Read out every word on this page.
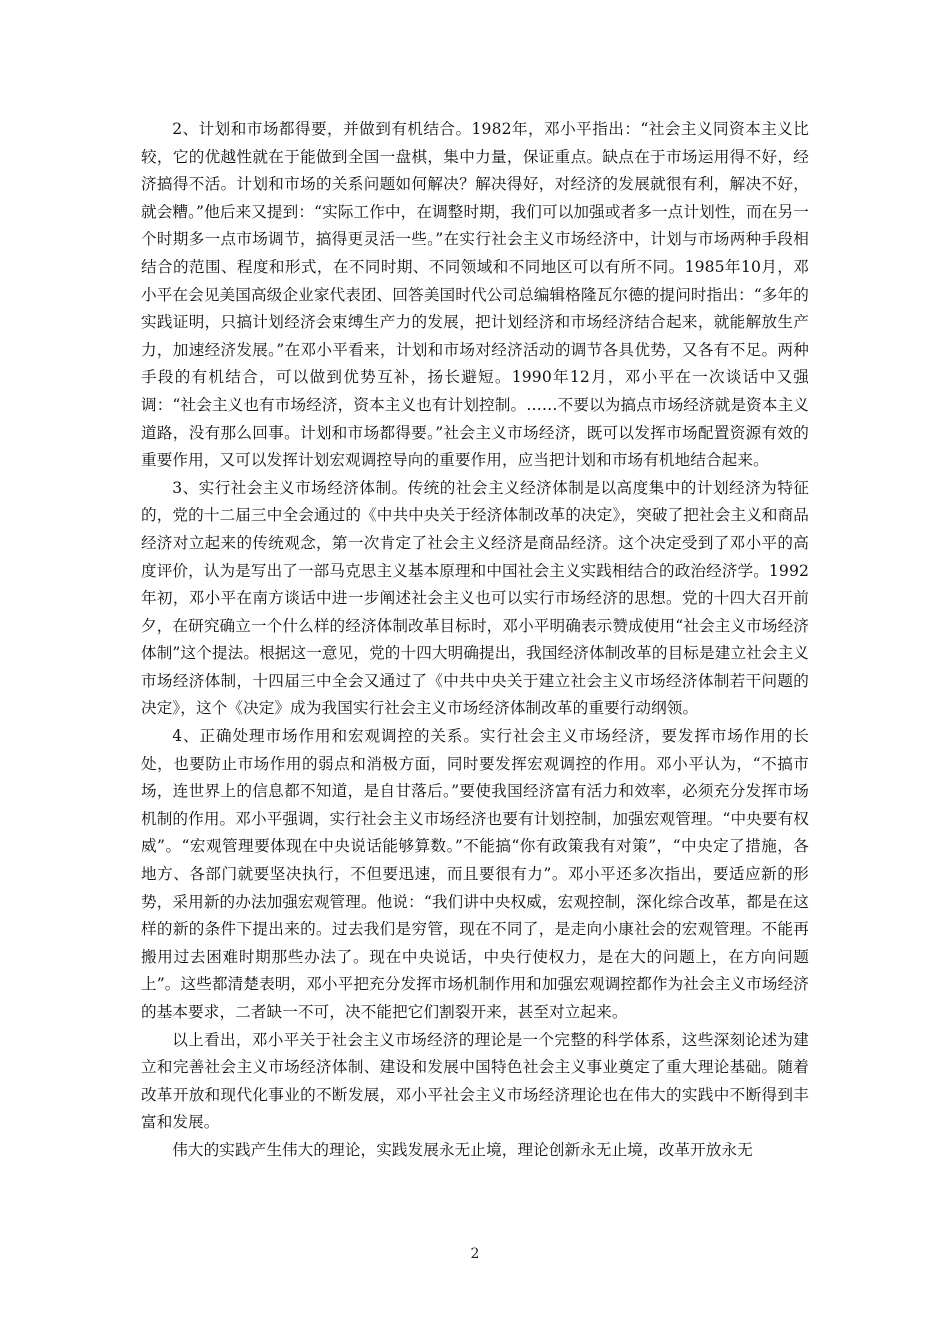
2、计划和市场都得要，并做到有机结合。1982年，邓小平指出：“社会主义同资本主义比较，它的优越性就在于能做到全国一盘棋，集中力量，保证重点。缺点在于市场运用得不好，经济搞得不活。计划和市场的关系问题如何解决？解决得好，对经济的发展就很有利，解决不好，就会糟。”他后来又提到：“实际工作中，在调整时期，我们可以加强或者多一点计划性，而在另一个时期多一点市场调节，搞得更灵活一些。”在实行社会主义市场经济中，计划与市场两种手段相结合的范围、程度和形式，在不同时期、不同领域和不同地区可以有所不同。1985年10月，邓小平在会见美国高级企业家代表团、回答美国时代公司总编辑格隆瓦尔德的提问时指出：“多年的实践证明，只搞计划经济会束缚生产力的发展，把计划经济和市场经济结合起来，就能解放生产力，加速经济发展。”在邓小平看来，计划和市场对经济活动的调节各具优势，又各有不足。两种手段的有机结合，可以做到优势互补，扬长避短。1990年12月，邓小平在一次谈话中又强调：“社会主义也有市场经济，资本主义也有计划控制。……不要以为搞点市场经济就是资本主义道路，没有那么回事。计划和市场都得要。”社会主义市场经济，既可以发挥市场配置资源有效的重要作用，又可以发挥计划宏观调控导向的重要作用，应当把计划和市场有机地结合起来。

3、实行社会主义市场经济体制。传统的社会主义经济体制是以高度集中的计划经济为特征的，党的十二届三中全会通过的《中共中央关于经济体制改革的决定》，突破了把社会主义和商品经济对立起来的传统观念，第一次肯定了社会主义经济是商品经济。这个决定受到了邓小平的高度评价，认为是写出了一部马克思主义基本原理和中国社会主义实践相结合的政治经济学。1992年初，邓小平在南方谈话中进一步阐述社会主义也可以实行市场经济的思想。党的十四大召开前夕，在研究确立一个什么样的经济体制改革目标时，邓小平明确表示赞成使用“社会主义市场经济体制”这个提法。根据这一意见，党的十四大明确提出，我国经济体制改革的目标是建立社会主义市场经济体制，十四届三中全会又通过了《中共中央关于建立社会主义市场经济体制若干问题的决定》，这个《决定》成为我国实行社会主义市场经济体制改革的重要行动纲领。

4、正确处理市场作用和宏观调控的关系。实行社会主义市场经济，要发挥市场作用的长处，也要防止市场作用的弱点和消极方面，同时要发挥宏观调控的作用。邓小平认为，“不搞市场，连世界上的信息都不知道，是自甘落后。”要使我国经济富有活力和效率，必须充分发挥市场机制的作用。邓小平强调，实行社会主义市场经济也要有计划控制，加强宏观管理。“中央要有权威”。“宏观管理要体现在中央说话能够算数。”不能搞“你有政策我有对策”，“中央定了措施，各地方、各部门就要坚决执行，不但要迅速，而且要很有力”。邓小平还多次指出，要适应新的形势，采用新的办法加强宏观管理。他说：“我们讲中央权威，宏观控制，深化综合改革，都是在这样的新的条件下提出来的。过去我们是穷管，现在不同了，是走向小康社会的宏观管理。不能再搬用过去困难时期那些办法了。现在中央说话，中央行使权力，是在大的问题上，在方向问题上”。这些都清楚表明，邓小平把充分发挥市场机制作用和加强宏观调控都作为社会主义市场经济的基本要求，二者缺一不可，决不能把它们割裂开来，甚至对立起来。

以上看出，邓小平关于社会主义市场经济的理论是一个完整的科学体系，这些深刻论述为建立和完善社会主义市场经济体制、建设和发展中国特色社会主义事业奠定了重大理论基础。随着改革开放和现代化事业的不断发展，邓小平社会主义市场经济理论也在伟大的实践中不断得到丰富和发展。

伟大的实践产生伟大的理论，实践发展永无止境，理论创新永无止境，改革开放永无

2
